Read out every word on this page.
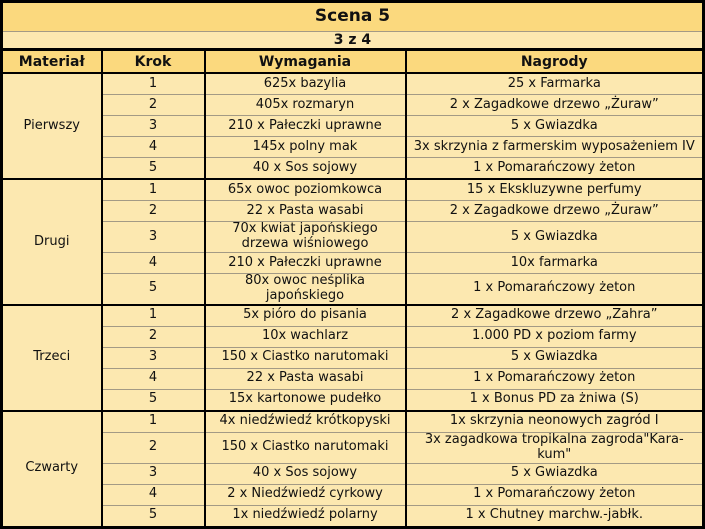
Scena 5			
3 z 4			
Materiał	Krok	Wymagania	Nagrody
Pierwszy	1	625x bazylia	25 x Farmarka
	2	405x rozmaryn	2 x Zagadkowe drzewo „Żuraw”
	3	210 x Pałeczki uprawne	5 x Gwiazdka
	4	145x polny mak	3x skrzynia z farmerskim wyposażeniem IV
	5	40 x Sos sojowy	1 x Pomarańczowy żeton
Drugi	1	65x owoc poziomkowca	15 x Ekskluzywne perfumy
	2	22 x Pasta wasabi	2 x Zagadkowe drzewo „Żuraw”
	3	70x kwiat japońskiego drzewa wiśniowego	5 x Gwiazdka
	4	210 x Pałeczki uprawne	10x farmarka
	5	80x owoc neśplika japońskiego	1 x Pomarańczowy żeton
Trzeci	1	5x pióro do pisania	2 x Zagadkowe drzewo „Zahra”
	2	10x wachlarz	1.000 PD x poziom farmy
	3	150 x Ciastko narutomaki	5 x Gwiazdka
	4	22 x Pasta wasabi	1 x Pomarańczowy żeton
	5	15x kartonowe pudełko	1 x Bonus PD za żniwa (S)
Czwarty	1	4x niedźwiedź krótkopyski	1x skrzynia neonowych zagród I
	2	150 x Ciastko narutomaki	3x zagadkowa tropikalna zagroda"Kara-kum"
	3	40 x Sos sojowy	5 x Gwiazdka
	4	2 x Niedźwiedź cyrkowy	1 x Pomarańczowy żeton
	5	1x niedźwiedź polarny	1 x Chutney marchw.-jabłk.
